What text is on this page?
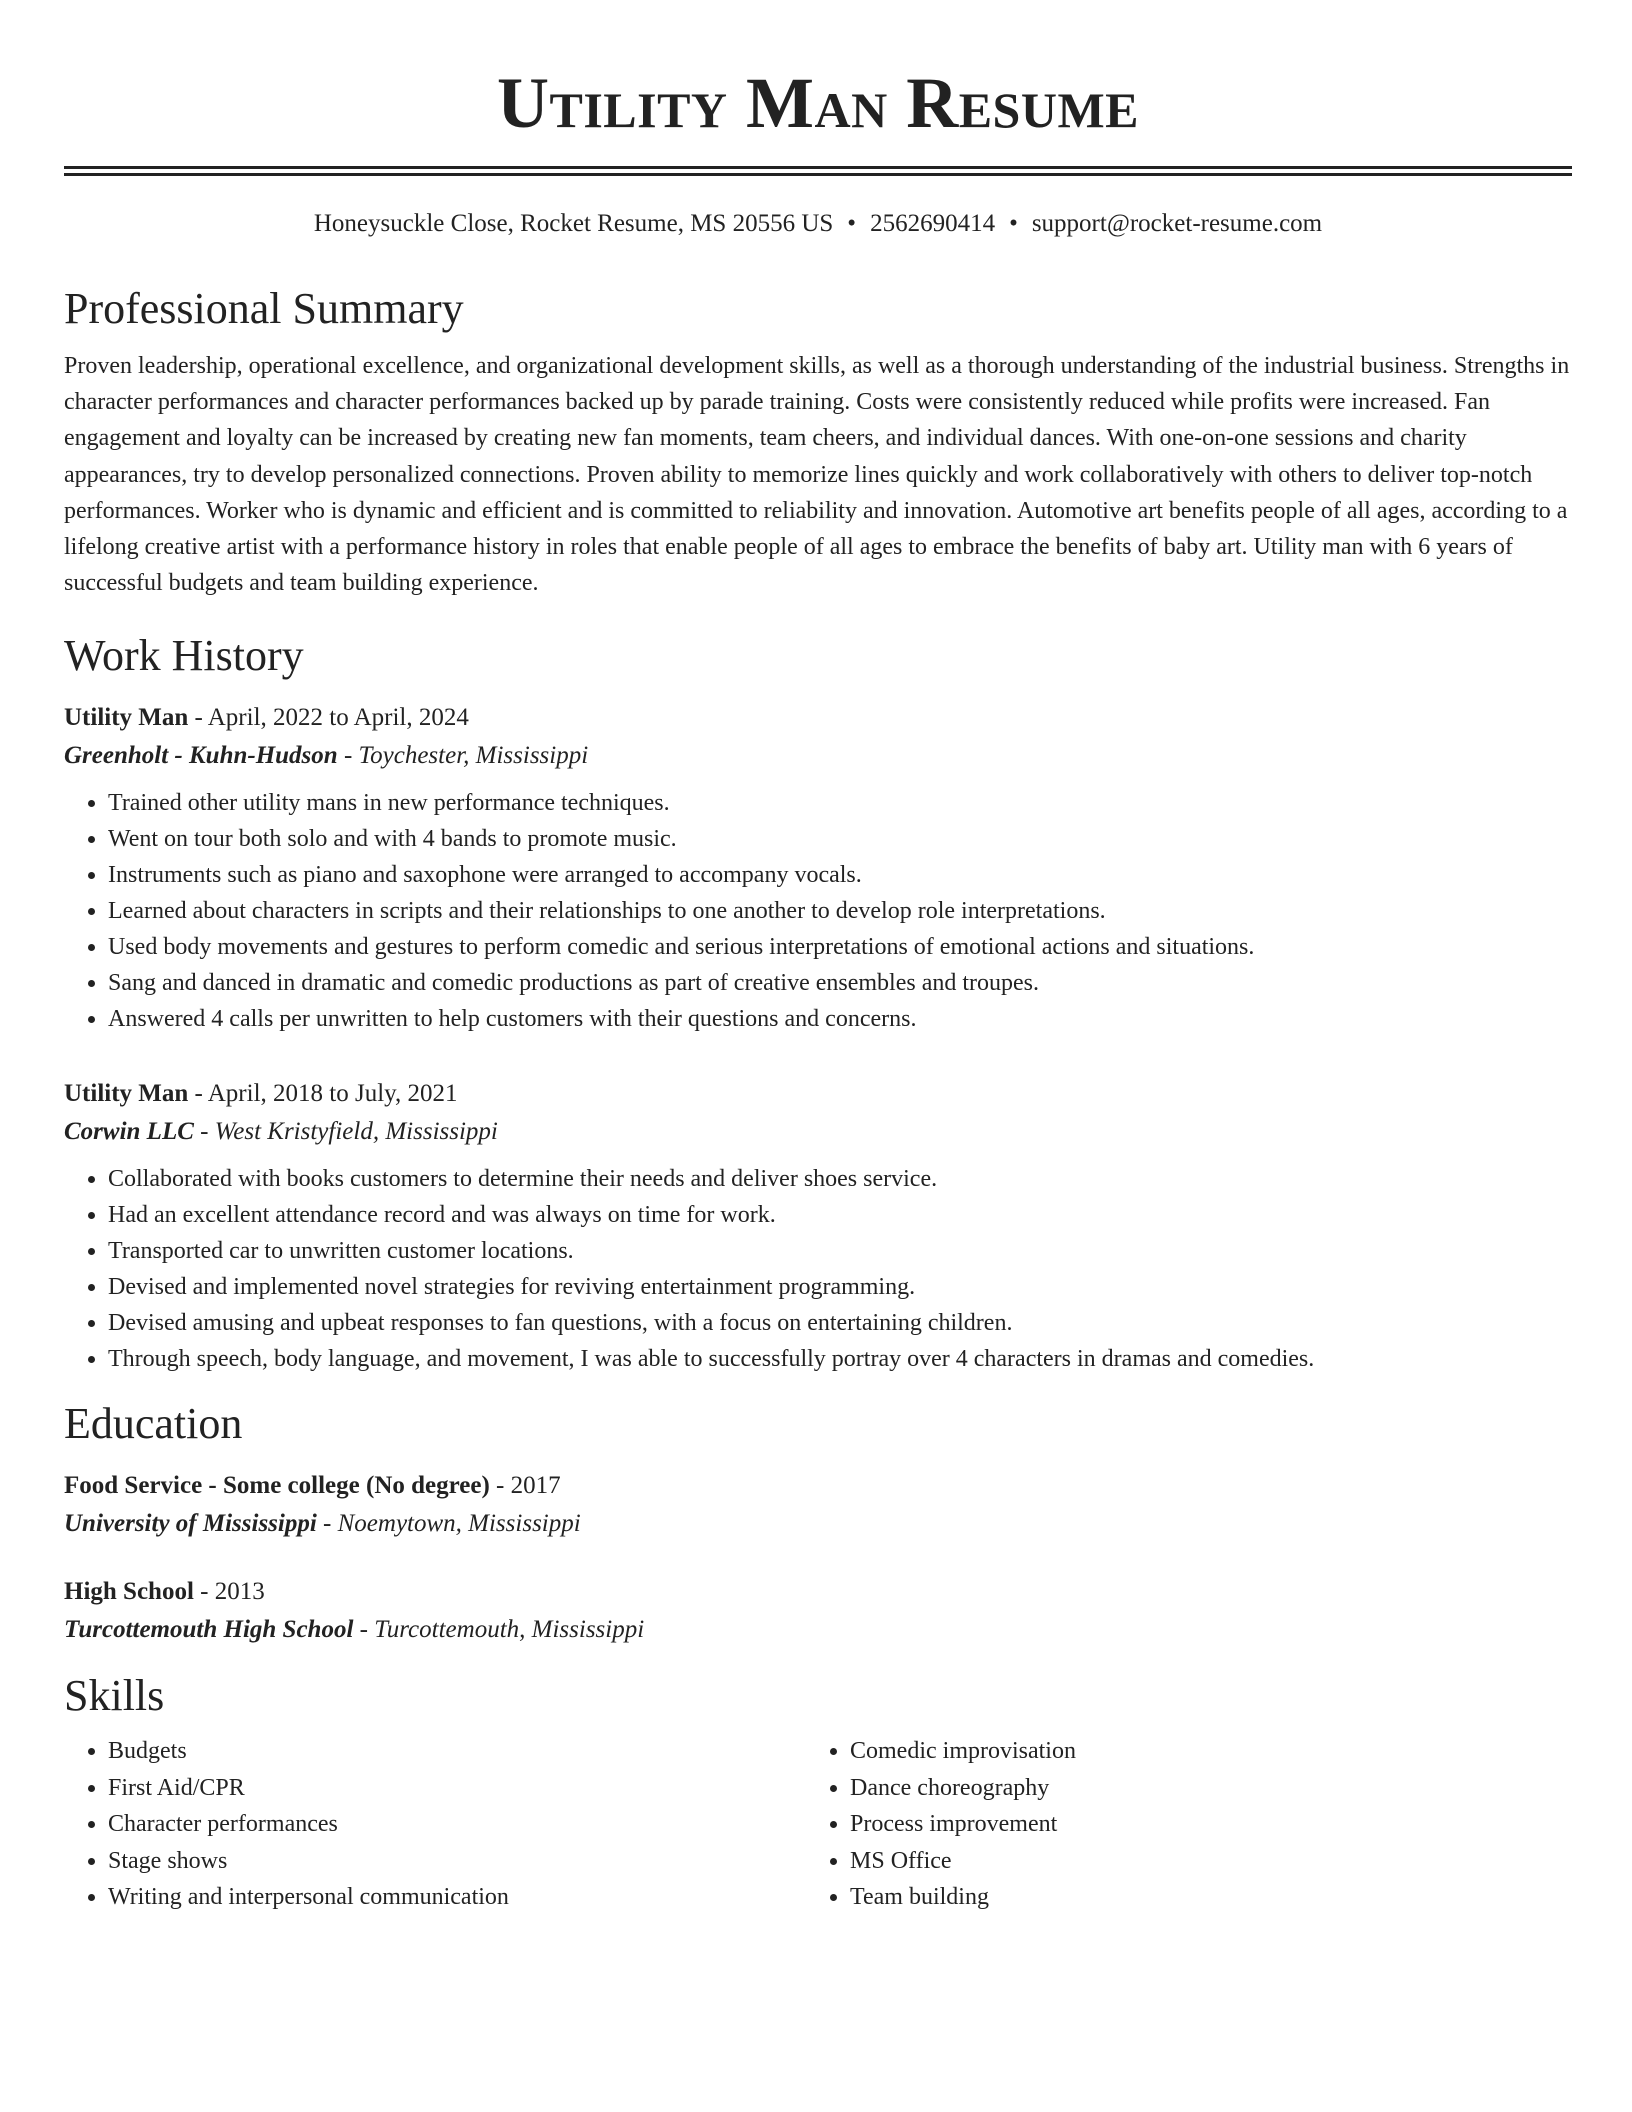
Utility Man Resume
Honeysuckle Close, Rocket Resume, MS 20556 US • 2562690414 • support@rocket-resume.com
Professional Summary
Proven leadership, operational excellence, and organizational development skills, as well as a thorough understanding of the industrial business. Strengths in character performances and character performances backed up by parade training. Costs were consistently reduced while profits were increased. Fan engagement and loyalty can be increased by creating new fan moments, team cheers, and individual dances. With one-on-one sessions and charity appearances, try to develop personalized connections. Proven ability to memorize lines quickly and work collaboratively with others to deliver top-notch performances. Worker who is dynamic and efficient and is committed to reliability and innovation. Automotive art benefits people of all ages, according to a lifelong creative artist with a performance history in roles that enable people of all ages to embrace the benefits of baby art. Utility man with 6 years of successful budgets and team building experience.
Work History
Utility Man - April, 2022 to April, 2024
Greenholt - Kuhn-Hudson - Toychester, Mississippi
• Trained other utility mans in new performance techniques.
• Went on tour both solo and with 4 bands to promote music.
• Instruments such as piano and saxophone were arranged to accompany vocals.
• Learned about characters in scripts and their relationships to one another to develop role interpretations.
• Used body movements and gestures to perform comedic and serious interpretations of emotional actions and situations.
• Sang and danced in dramatic and comedic productions as part of creative ensembles and troupes.
• Answered 4 calls per unwritten to help customers with their questions and concerns.
Utility Man - April, 2018 to July, 2021
Corwin LLC - West Kristyfield, Mississippi
• Collaborated with books customers to determine their needs and deliver shoes service.
• Had an excellent attendance record and was always on time for work.
• Transported car to unwritten customer locations.
• Devised and implemented novel strategies for reviving entertainment programming.
• Devised amusing and upbeat responses to fan questions, with a focus on entertaining children.
• Through speech, body language, and movement, I was able to successfully portray over 4 characters in dramas and comedies.
Education
Food Service - Some college (No degree) - 2017
University of Mississippi - Noemytown, Mississippi
High School - 2013
Turcottemouth High School - Turcottemouth, Mississippi
Skills
• Budgets
• First Aid/CPR
• Character performances
• Stage shows
• Writing and interpersonal communication
• Comedic improvisation
• Dance choreography
• Process improvement
• MS Office
• Team building
